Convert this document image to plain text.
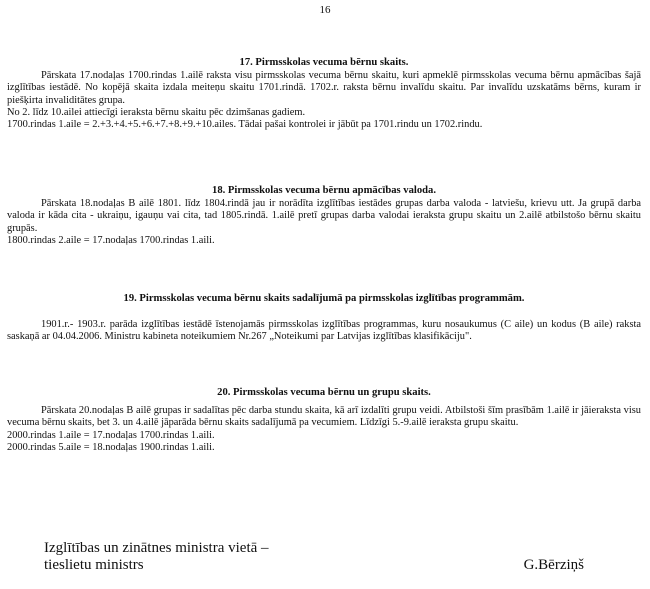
16

17. Pirmsskolas vecuma bērnu skaits.

Pārskata 17.nodaļas 1700.rindas 1.ailē raksta visu pirmsskolas vecuma bērnu skaitu, kuri apmeklē pirmsskolas vecuma bērnu apmācības šajā izglītības iestādē. No kopējā skaita izdala meiteņu skaitu 1701.rindā. 1702.r. raksta bērnu invalīdu skaitu. Par invalīdu uzskatāms bērns, kuram ir piešķirta invaliditātes grupa.

No 2. līdz 10.ailei attiecīgi ieraksta bērnu skaitu pēc dzimšanas gadiem.

1700.rindas 1.aile = 2.+3.+4.+5.+6.+7.+8.+9.+10.ailes. Tādai pašai kontrolei ir jābūt pa 1701.rindu un 1702.rindu.

18. Pirmsskolas vecuma bērnu apmācības valoda.

Pārskata 18.nodaļas B ailē 1801. līdz 1804.rindā jau ir norādīta izglītības iestādes grupas darba valoda - latviešu, krievu utt. Ja grupā darba valoda ir kāda cita - ukraiņu, igauņu vai cita, tad 1805.rindā. 1.ailē pretī grupas darba valodai ieraksta grupu skaitu un 2.ailē atbilstošo bērnu skaitu grupās.

1800.rindas 2.aile = 17.nodaļas 1700.rindas 1.aili.

19. Pirmsskolas vecuma bērnu skaits sadalījumā pa pirmsskolas izglītības programmām.

1901.r.- 1903.r. parāda izglītības iestādē īstenojamās pirmsskolas izglītības programmas, kuru nosaukumus (C aile) un kodus (B aile) raksta saskaņā ar 04.04.2006. Ministru kabineta noteikumiem Nr.267 „Noteikumi par Latvijas izglītības klasifikāciju".

20. Pirmsskolas vecuma bērnu un grupu skaits.

Pārskata 20.nodaļas B ailē grupas ir sadalītas pēc darba stundu skaita, kā arī izdalīti grupu veidi. Atbilstoši šīm prasībām 1.ailē ir jāieraksta visu vecuma bērnu skaits, bet 3. un 4.ailē jāparāda bērnu skaits sadalījumā pa vecumiem. Līdzīgi 5.-9.ailē ieraksta grupu skaitu.

2000.rindas 1.aile = 17.nodaļas 1700.rindas 1.aili.

2000.rindas 5.aile = 18.nodaļas 1900.rindas 1.aili.

Izglītības un zinātnes ministra vietā –

tieslietu ministrs	G.Bērziņš
